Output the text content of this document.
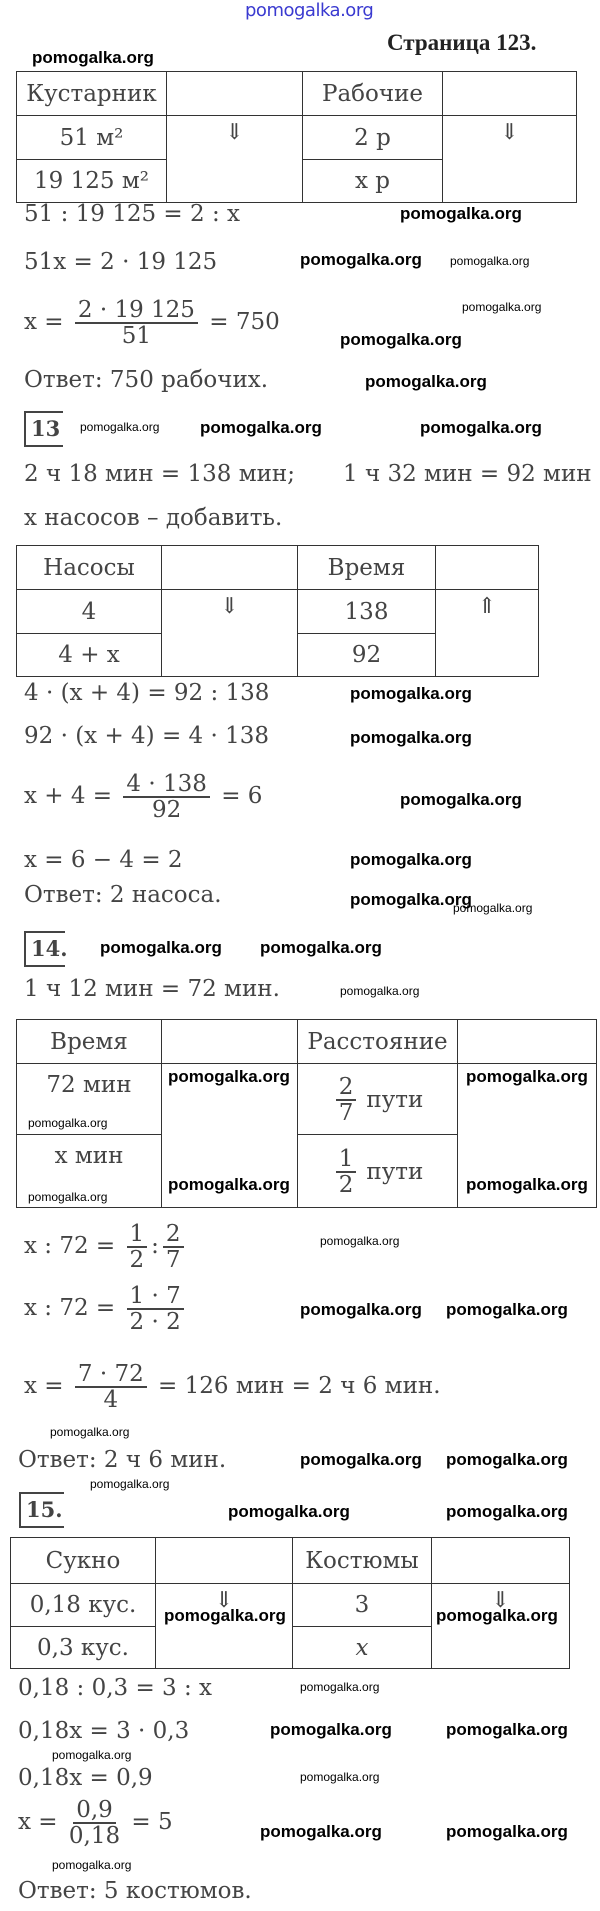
pomogalka.org
Страница 123.
Кустарник		Рабочие	
51 м²	⇓	2 р	⇓
19 125 м²		x р	
51 : 19 125 = 2 : x
51x = 2 · 19 125
$x = \frac{2 \cdot 19 125}{51} = 750$
Ответ: 750 рабочих.
13
2 ч 18 мин = 138 мин; 1 ч 32 мин = 92 мин
x насосов – добавить.
Насосы		Время	
4	⇓	138	⇑
4 + x		92	
4 · (x + 4) = 92 : 138
92 · (x + 4) = 4 · 138
$x + 4 = \frac{4 \cdot 138}{92} = 6$
x = 6 − 4 = 2
Ответ: 2 насоса.
14.
1 ч 12 мин = 72 мин.
Время		Расстояние	
72 мин		$\frac{2}{7}$ пути	

x мин		$\frac{1}{2}$ пути	
x : $72 = \frac{1}{2}$ : $\frac{2}{7}$
x : $72 = \frac{1 \cdot 7}{2 \cdot 2}$
$x = \frac{7 \cdot 72}{4} = 126$ мин = 2 ч 6 мин.
Ответ: 2 ч 6 мин.
15.
Сукно		Костюмы	
0,18 кус.	⇓	3	⇓
0,3 кус.		x	
0,18 : 0,3 = 3 : x
0,18x = 3 · 0,3
0,18x = 0,9
$x = \frac{0,9}{0,18} = 5$
Ответ: 5 костюмов.
pomogalka.org
pomogalka.org
pomogalka.org pomogalka.org
pomogalka.org
pomogalka.org
pomogalka.org
pomogalka.org pomogalka.org	pomogalka.org
pomogalka.org
pomogalka.org
pomogalka.org
pomogalka.org
pomogalka.org
pomogalka.org
pomogalka.org
pomogalka.org
pomogalka.org
pomogalka.org	pomogalka.org
pomogalka.org
pomogalka.org	pomogalka.org
pomogalka.org
pomogalka.org
pomogalka.org pomogalka.org
pomogalka.org
pomogalka.org pomogalka.org
pomogalka.org
pomogalka.org	pomogalka.org
pomogalka.org
pomogalka.org	pomogalka.org
pomogalka.org
pomogalka.org	pomogalka.org
pomogalka.org
pomogalka.org	pomogalka.org
pomogalka.org
